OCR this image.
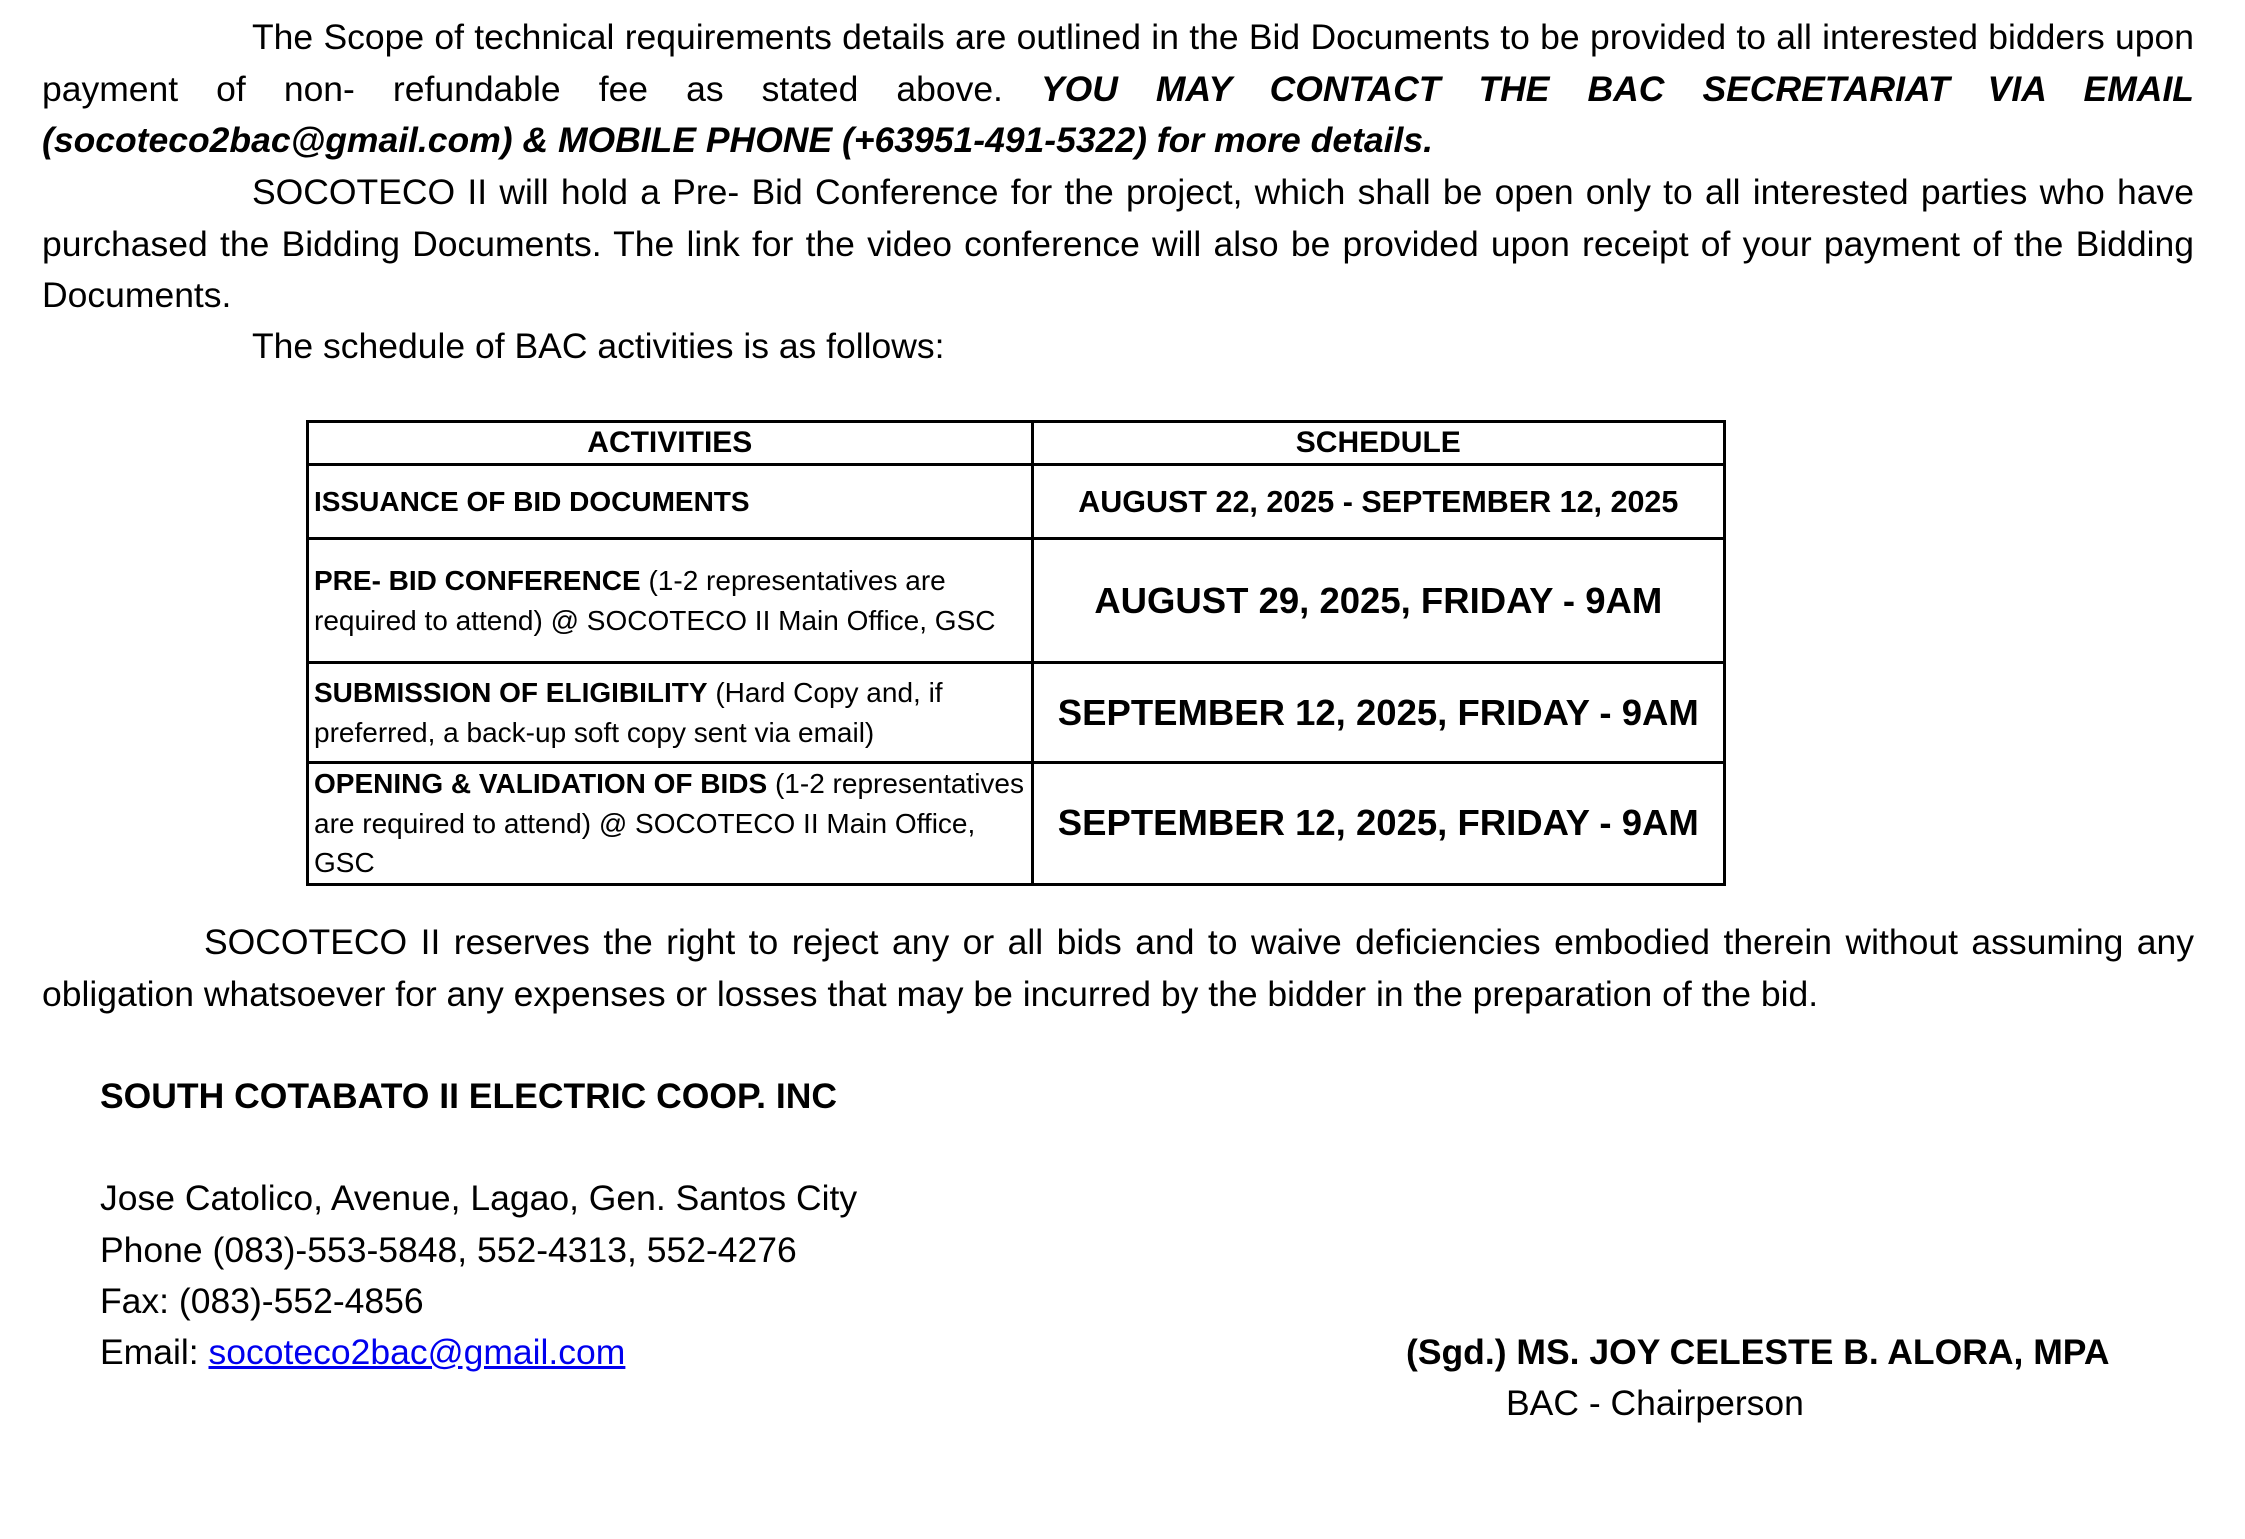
The Scope of technical requirements details are outlined in the Bid Documents to be provided to all interested bidders upon payment of non- refundable fee as stated above. YOU MAY CONTACT THE BAC SECRETARIAT VIA EMAIL (socoteco2bac@gmail.com) & MOBILE PHONE (+63951-491-5322) for more details.

SOCOTECO II will hold a Pre- Bid Conference for the project, which shall be open only to all interested parties who have purchased the Bidding Documents. The link for the video conference will also be provided upon receipt of your payment of the Bidding Documents.

The schedule of BAC activities is as follows:
ACTIVITIES	SCHEDULE
ISSUANCE OF BID DOCUMENTS	AUGUST 22, 2025 - SEPTEMBER 12, 2025
PRE- BID CONFERENCE (1-2 representatives are required to attend) @ SOCOTECO II Main Office, GSC	AUGUST 29, 2025, FRIDAY - 9AM
SUBMISSION OF ELIGIBILITY (Hard Copy and, if preferred, a back-up soft copy sent via email)	SEPTEMBER 12, 2025, FRIDAY - 9AM
OPENING & VALIDATION OF BIDS (1-2 representatives are required to attend) @ SOCOTECO II Main Office, GSC	SEPTEMBER 12, 2025, FRIDAY - 9AM

SOCOTECO II reserves the right to reject any or all bids and to waive deficiencies embodied therein without assuming any obligation whatsoever for any expenses or losses that may be incurred by the bidder in the preparation of the bid.

SOUTH COTABATO II ELECTRIC COOP. INC
Jose Catolico, Avenue, Lagao, Gen. Santos City
Phone (083)-553-5848, 552-4313, 552-4276
Fax: (083)-552-4856
Email: socoteco2bac@gmail.com	(Sgd.) MS. JOY CELESTE B. ALORA, MPA
BAC - Chairperson
